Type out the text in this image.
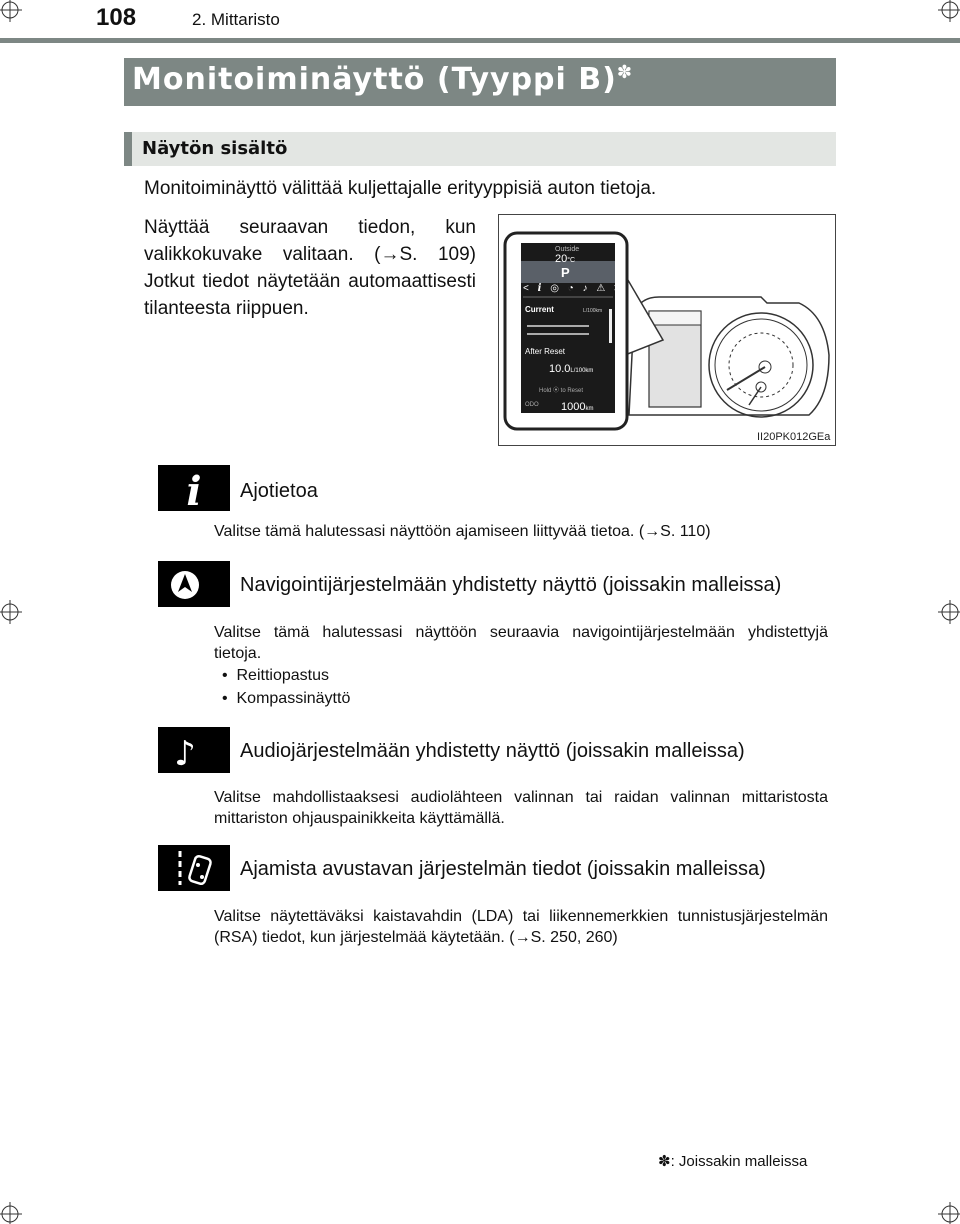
108	2. Mittaristo
Monitoiminäyttö (Tyyppi B)✽
Näytön sisältö
Monitoiminäyttö välittää kuljettajalle erityyppisiä auton tietoja.
Näyttää seuraavan tiedon, kun valikkokuvake valitaan. (→S. 109) Jotkut tiedot näytetään automaattisesti tilanteesta riippuen.
Outside
20°C
P
< i ◎ ◔ ♪ ⚠ >
Current	L/100km
After Reset
10.0L/100km
Hold ⦿ to Reset
ODO 1000km
II20PK012GEa
i Ajotietoa
Valitse tämä halutessasi näyttöön ajamiseen liittyvää tietoa. (→S. 110)
Navigointijärjestelmään yhdistetty näyttö (joissakin malleissa)
Valitse tämä halutessasi näyttöön seuraavia navigointijärjestelmään yhdistettyjä tietoja.
•  Reittiopastus
•  Kompassinäyttö
♪ Audiojärjestelmään yhdistetty näyttö (joissakin malleissa)
Valitse mahdollistaaksesi audiolähteen valinnan tai raidan valinnan mittaristosta mittariston ohjauspainikkeita käyttämällä.
Ajamista avustavan järjestelmän tiedot (joissakin malleissa)
Valitse näytettäväksi kaistavahdin (LDA) tai liikennemerkkien tunnistusjärjestelmän (RSA) tiedot, kun järjestelmää käytetään. (→S. 250, 260)
✽: Joissakin malleissa
